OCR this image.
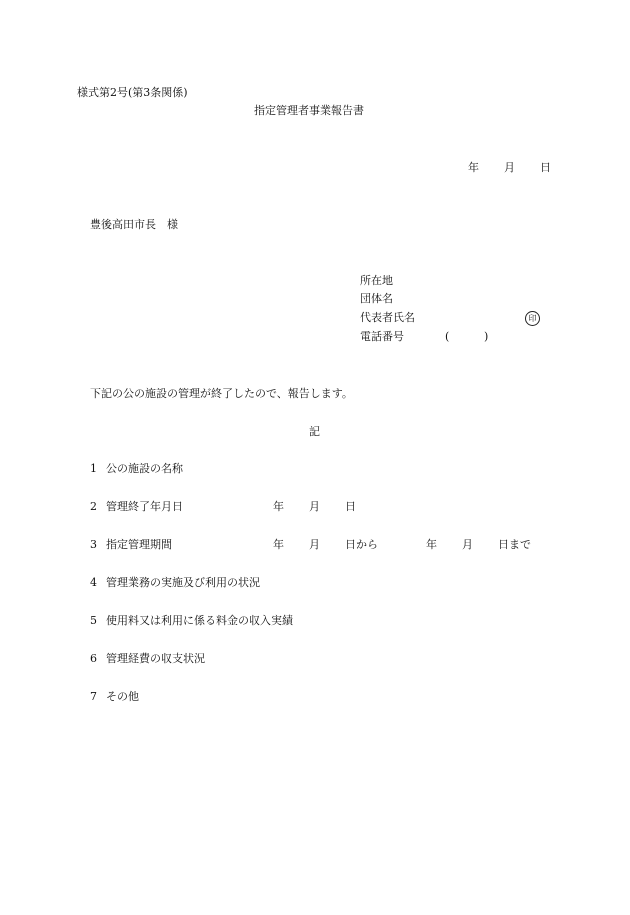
様式第2号(第3条関係)
指定管理者事業報告書
年 月 日
豊後高田市長　様
所在地
団体名
代表者氏名	印
電話番号	(	)
下記の公の施設の管理が終了したので、報告します。
記
1 公の施設の名称
2 管理終了年月日	年 月 日
3 指定管理期間	年 月 日から	年 月 日まで
4 管理業務の実施及び利用の状況
5 使用料又は利用に係る料金の収入実績
6 管理経費の収支状況
7 その他
